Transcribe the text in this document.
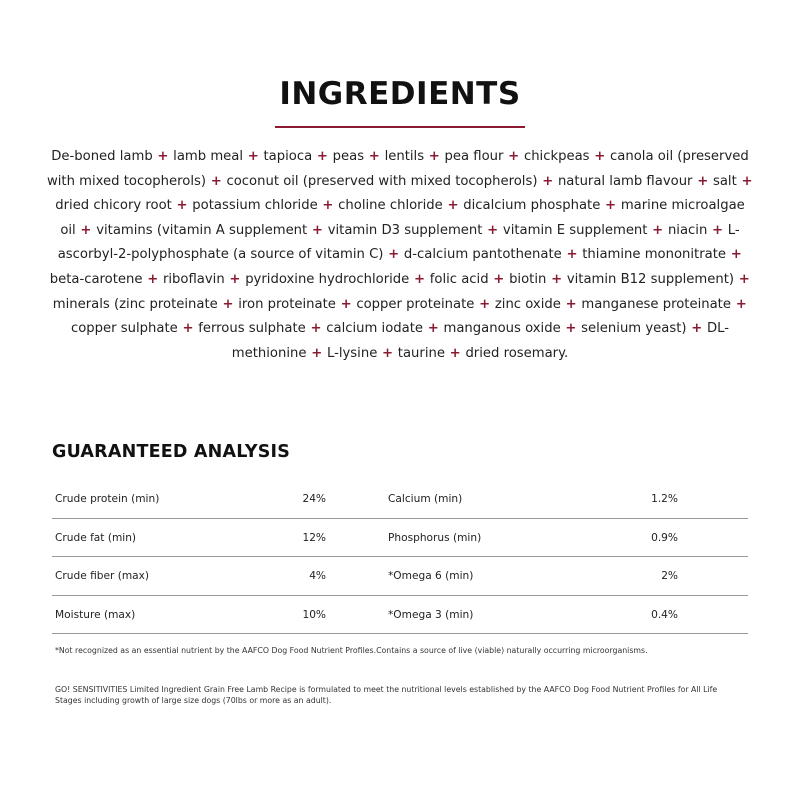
INGREDIENTS
De-boned lamb + lamb meal + tapioca + peas + lentils + pea flour + chickpeas + canola oil (preserved with mixed tocopherols) + coconut oil (preserved with mixed tocopherols) + natural lamb flavour + salt + dried chicory root + potassium chloride + choline chloride + dicalcium phosphate + marine microalgae oil + vitamins (vitamin A supplement + vitamin D3 supplement + vitamin E supplement + niacin + L-ascorbyl-2-polyphosphate (a source of vitamin C) + d-calcium pantothenate + thiamine mononitrate + beta-carotene + riboflavin + pyridoxine hydrochloride + folic acid + biotin + vitamin B12 supplement) + minerals (zinc proteinate + iron proteinate + copper proteinate + zinc oxide + manganese proteinate + copper sulphate + ferrous sulphate + calcium iodate + manganous oxide + selenium yeast) + DL-methionine + L-lysine + taurine + dried rosemary.
GUARANTEED ANALYSIS
Crude protein (min)	24%	Calcium (min)	1.2%
Crude fat (min)	12%	Phosphorus (min)	0.9%
Crude fiber (max)	4%	*Omega 6 (min)	2%
Moisture (max)	10%	*Omega 3 (min)	0.4%
*Not recognized as an essential nutrient by the AAFCO Dog Food Nutrient Profiles.Contains a source of live (viable) naturally occurring microorganisms.
GO! SENSITIVITIES Limited Ingredient Grain Free Lamb Recipe is formulated to meet the nutritional levels established by the AAFCO Dog Food Nutrient Profiles for All Life Stages including growth of large size dogs (70lbs or more as an adult).
